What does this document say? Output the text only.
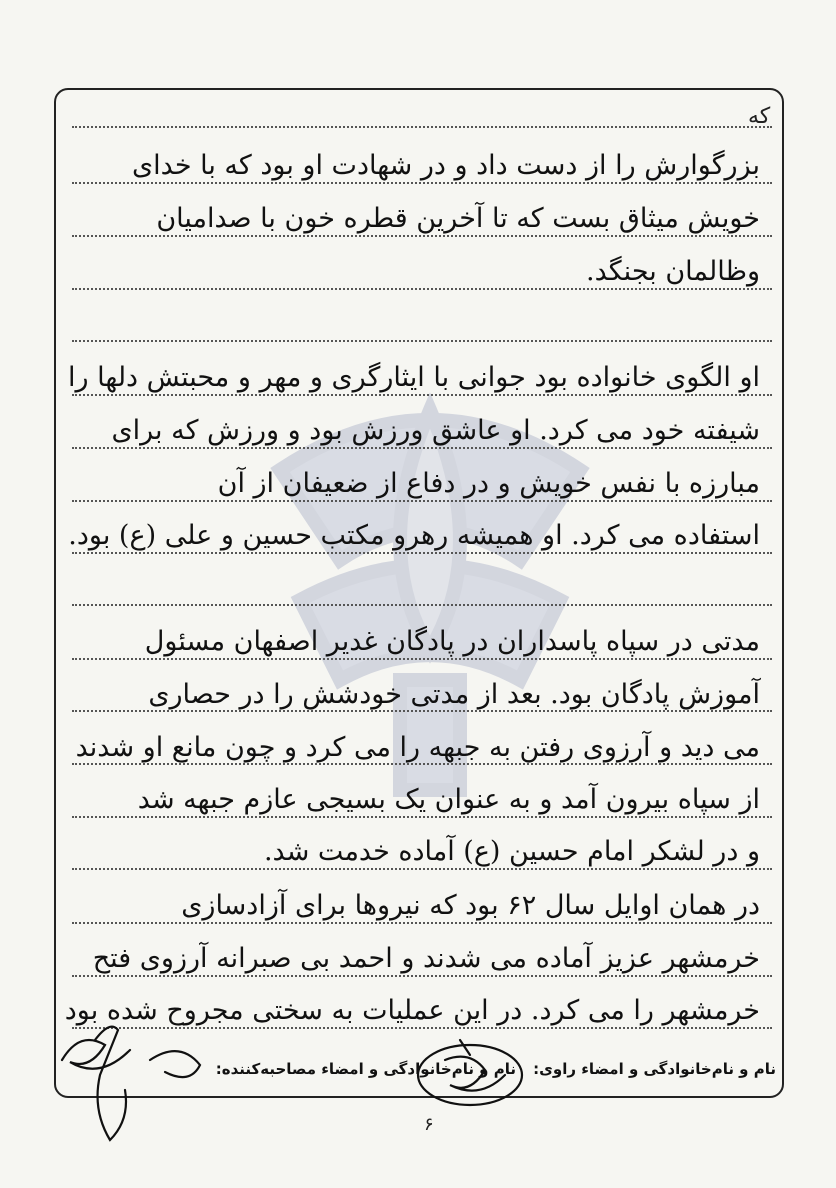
ﮐﻪ
بزرگوارش را از دست داد و در شهادت او بود که با خدای
خویش میثاق بست که تا آخرین قطره خون با صدامیان
وظالمان بجنگد.
او الگوی خانواده بود جوانی با ایثارگری و مهر و محبتش دلها را
شیفته خود می کرد. او عاشق ورزش بود و ورزش که برای
مبارزه با نفس خویش و در دفاع از ضعیفان از آن
استفاده می کرد. او همیشه رهرو مکتب حسین و علی (ع) بود.
مدتی در سپاه پاسداران در پادگان غدیر اصفهان مسئول
آموزش پادگان بود. بعد از مدتی خودشش را در حصاری
می دید و آرزوی رفتن به جبهه را می کرد و چون مانع او شدند
از سپاه بیرون آمد و به عنوان یک بسیجی عازم جبهه شد
و در لشکر امام حسین (ع) آماده خدمت شد.
در همان اوایل سال ۶۲ بود که نیروها برای آزادسازی
خرمشهر عزیز آماده می شدند و احمد بی صبرانه آرزوی فتح
خرمشهر را می کرد. در این عملیات به سختی مجروح شده بود
نام و نام‌خانوادگی و امضاء راوی:
نام و نام‌خانوادگی و امضاء مصاحبه‌کننده:
۶
